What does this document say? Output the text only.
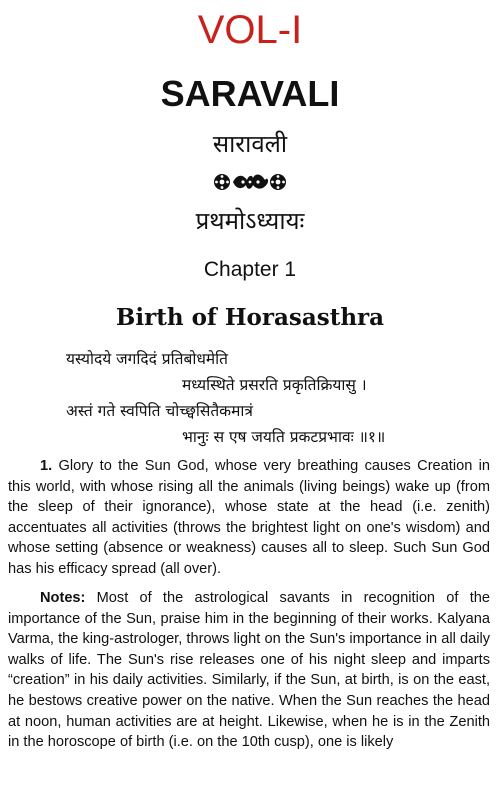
VOL-I
SARAVALI
सारावली
प्रथमोऽध्यायः
Chapter 1
Birth of Horasasthra
यस्योदये जगदिदं प्रतिबोधमेति
मध्यस्थिते प्रसरति प्रकृतिक्रियासु ।
अस्तं गते स्वपिति चोच्छ्वसितैकमात्रं
भानुः स एष जयति प्रकटप्रभावः ॥१॥

1. Glory to the Sun God, whose very breathing causes Creation in this world, with whose rising all the animals (living beings) wake up (from the sleep of their ignorance), whose state at the head (i.e. zenith) accentuates all activities (throws the brightest light on one's wisdom) and whose setting (absence or weakness) causes all to sleep. Such Sun God has his efficacy spread (all over).

Notes: Most of the astrological savants in recognition of the importance of the Sun, praise him in the beginning of their works. Kalyana Varma, the king-astrologer, throws light on the Sun's importance in all daily walks of life. The Sun's rise releases one of his night sleep and imparts “creation” in his daily activities. Similarly, if the Sun, at birth, is on the east, he bestows creative power on the native. When the Sun reaches the head at noon, human activities are at height. Likewise, when he is in the Zenith in the horoscope of birth (i.e. on the 10th cusp), one is likely
